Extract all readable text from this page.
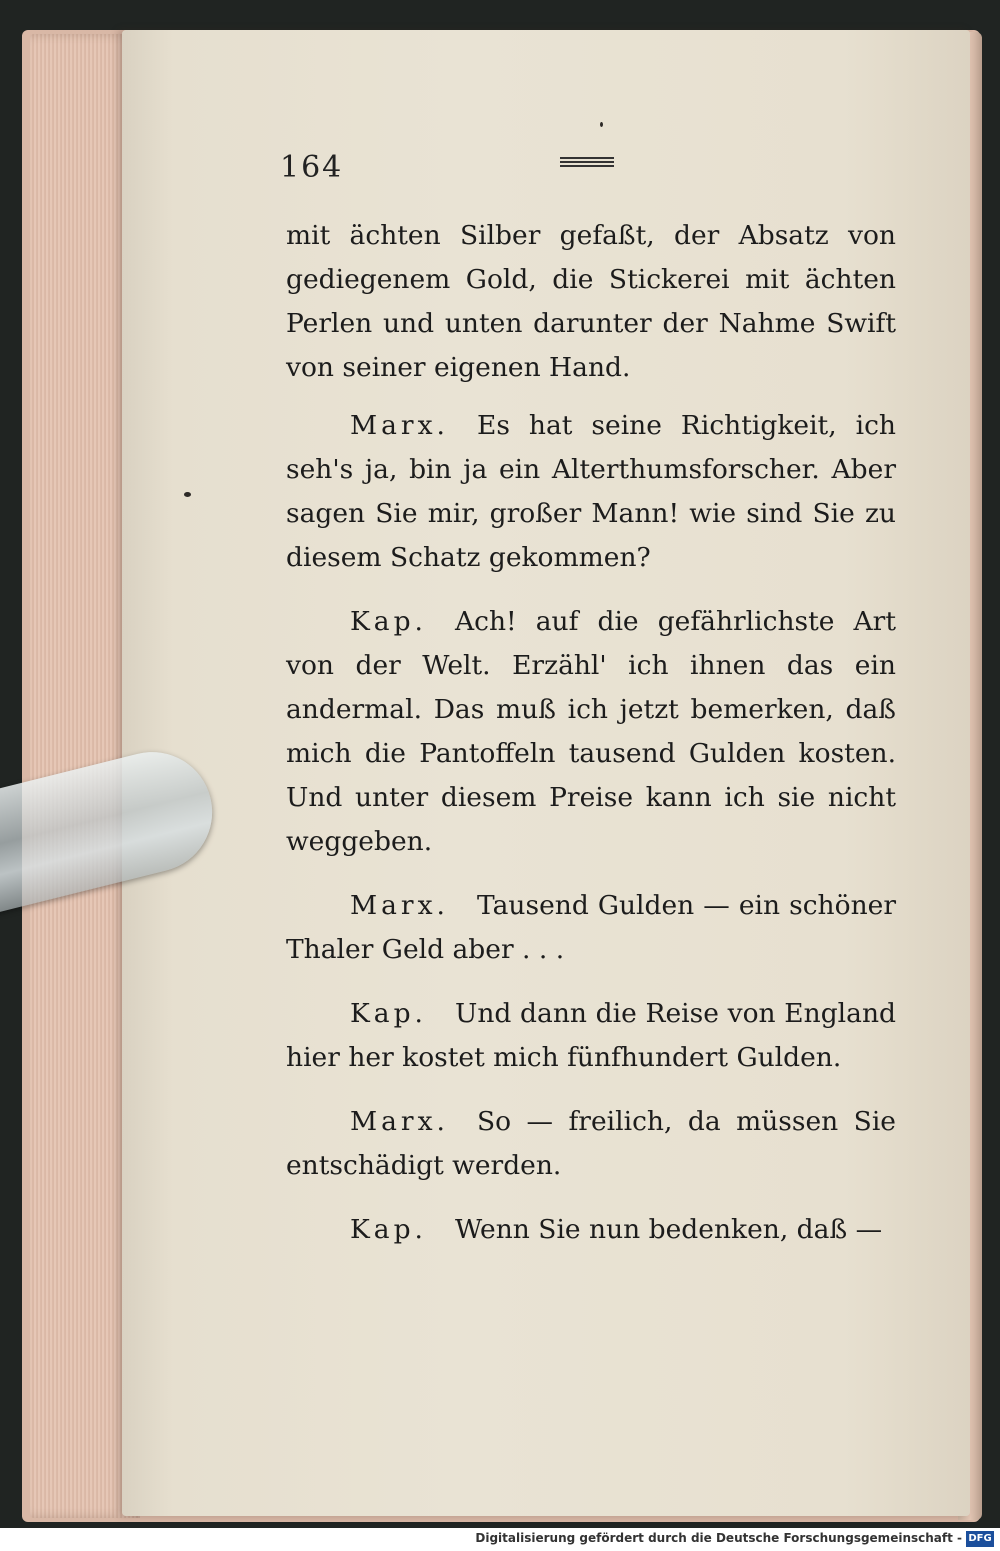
164

mit ächten Silber gefaßt, der Absatz von gediegenem Gold, die Stickerei mit ächten Perlen und unten darunter der Nahme Swift von seiner eigenen Hand.

Marx. Es hat seine Richtigkeit, ich seh's ja, bin ja ein Alterthumsforscher. Aber sagen Sie mir, großer Mann! wie sind Sie zu diesem Schatz gekommen?

Kap. Ach! auf die gefährlichste Art von der Welt. Erzähl' ich ihnen das ein andermal. Das muß ich jetzt bemerken, daß mich die Pantoffeln tausend Gulden kosten. Und unter diesem Preise kann ich sie nicht weggeben.

Marx. Tausend Gulden — ein schöner Thaler Geld aber . . .

Kap. Und dann die Reise von England hier her kostet mich fünfhundert Gulden.

Marx. So — freilich, da müssen Sie entschädigt werden.

Kap. Wenn Sie nun bedenken, daß —

Digitalisierung gefördert durch die Deutsche Forschungsgemeinschaft - DFG
